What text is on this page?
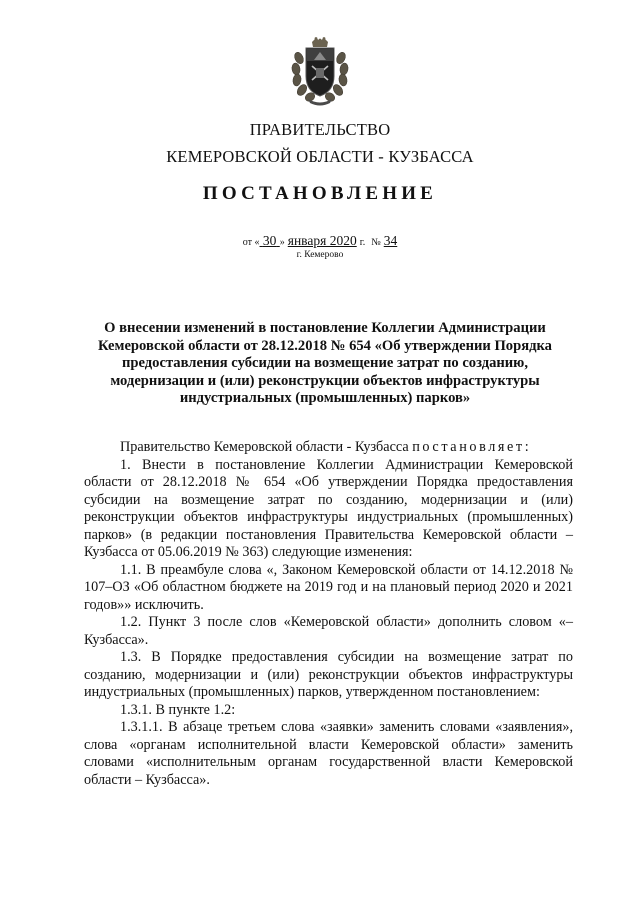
ПРАВИТЕЛЬСТВО
КЕМЕРОВСКОЙ ОБЛАСТИ - КУЗБАССА
ПОСТАНОВЛЕНИЕ
от « 30 » января 2020 г. № 34
г. Кемерово
О внесении изменений в постановление Коллегии Администрации Кемеровской области от 28.12.2018 № 654 «Об утверждении Порядка предоставления субсидии на возмещение затрат по созданию, модернизации и (или) реконструкции объектов инфраструктуры индустриальных (промышленных) парков»

Правительство Кемеровской области - Кузбасса постановляет:

1. Внести в постановление Коллегии Администрации Кемеровской области от 28.12.2018 № 654 «Об утверждении Порядка предоставления субсидии на возмещение затрат по созданию, модернизации и (или) реконструкции объектов инфраструктуры индустриальных (промышленных) парков» (в редакции постановления Правительства Кемеровской области – Кузбасса от 05.06.2019 № 363) следующие изменения:

1.1. В преамбуле слова «, Законом Кемеровской области от 14.12.2018 № 107–ОЗ «Об областном бюджете на 2019 год и на плановый период 2020 и 2021 годов»» исключить.

1.2. Пункт 3 после слов «Кемеровской области» дополнить словом «–Кузбасса».

1.3. В Порядке предоставления субсидии на возмещение затрат по созданию, модернизации и (или) реконструкции объектов инфраструктуры индустриальных (промышленных) парков, утвержденном постановлением:

1.3.1. В пункте 1.2:

1.3.1.1. В абзаце третьем слова «заявки» заменить словами «заявления», слова «органам исполнительной власти Кемеровской области» заменить словами «исполнительным органам государственной власти Кемеровской области – Кузбасса».
